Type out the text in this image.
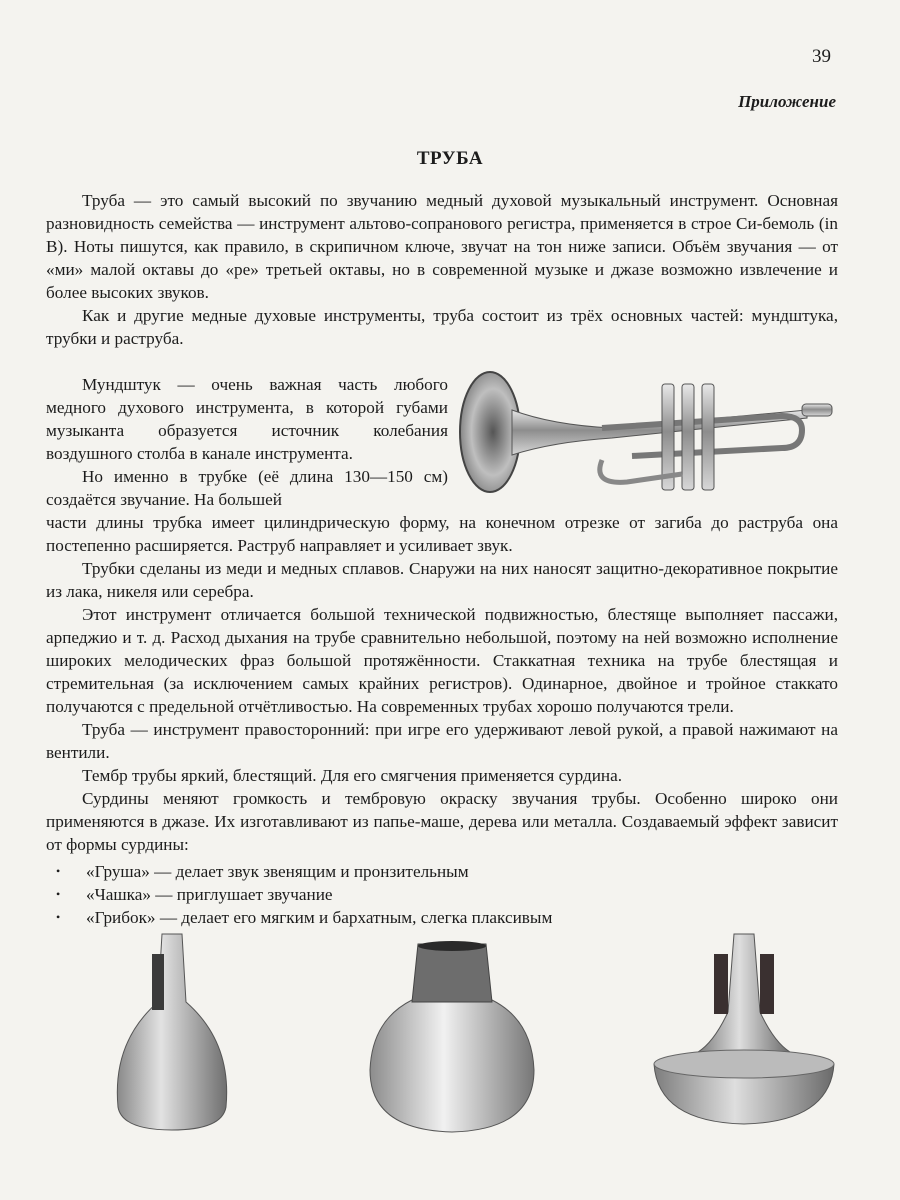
39
Приложение
ТРУБА

Труба — это самый высокий по звучанию медный духовой музыкальный инструмент. Основная разновидность семейства — инструмент альтово-сопранового регистра, применяется в строе Си-бемоль (in B). Ноты пишутся, как правило, в скрипичном ключе, звучат на тон ниже записи. Объём звучания — от «ми» малой октавы до «ре» третьей октавы, но в современной музыке и джазе возможно извлечение и более высоких звуков.

Как и другие медные духовые инструменты, труба состоит из трёх основных частей: мундштука, трубки и раструба.

Мундштук — очень важная часть любого медного духового инструмента, в которой губами музыканта образуется источник колебания воздушного столба в канале инструмента.

Но именно в трубке (её длина 130—150 см) создаётся звучание. На большей

части длины трубка имеет цилиндрическую форму, на конечном отрезке от загиба до раструба она постепенно расширяется. Раструб направляет и усиливает звук.

Трубки сделаны из меди и медных сплавов. Снаружи на них наносят защитно-декоративное покрытие из лака, никеля или серебра.

Этот инструмент отличается большой технической подвижностью, блестяще выполняет пассажи, арпеджио и т. д. Расход дыхания на трубе сравнительно небольшой, поэтому на ней возможно исполнение широких мелодических фраз большой протяжённости. Стаккатная техника на трубе блестящая и стремительная (за исключением самых крайних регистров). Одинарное, двойное и тройное стаккато получаются с предельной отчётливостью. На современных трубах хорошо получаются трели.

Труба — инструмент правосторонний: при игре его удерживают левой рукой, а правой нажимают на вентили.

Тембр трубы яркий, блестящий. Для его смягчения применяется сурдина.

Сурдины меняют громкость и тембровую окраску звучания трубы. Особенно широко они применяются в джазе. Их изготавливают из папье-маше, дерева или металла. Создаваемый эффект зависит от формы сурдины:

• «Груша» — делает звук звенящим и пронзительным
• «Чашка» — приглушает звучание
• «Грибок» — делает его мягким и бархатным, слегка плаксивым
